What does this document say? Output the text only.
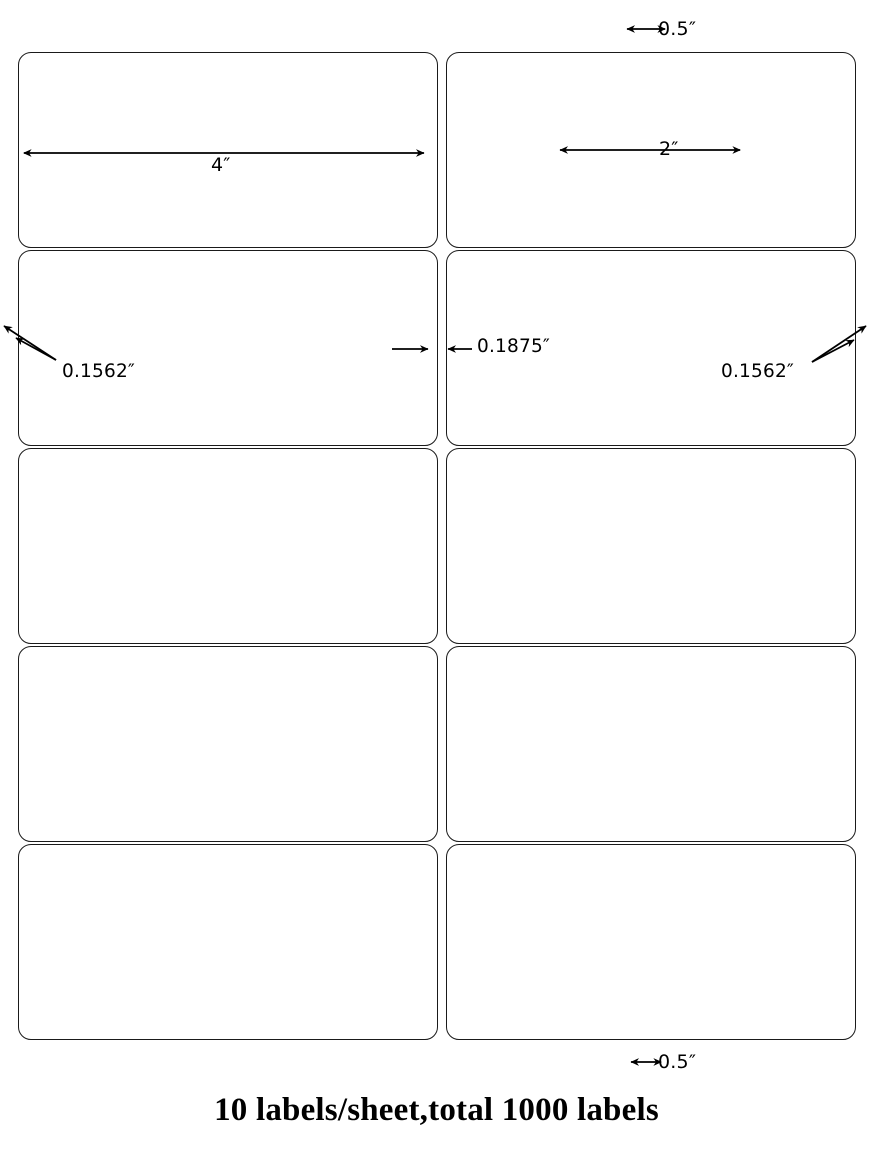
0.5″
2″
4″
0.1562″
0.1875″
0.1562″
0.5″
10 labels/sheet,total 1000 labels
